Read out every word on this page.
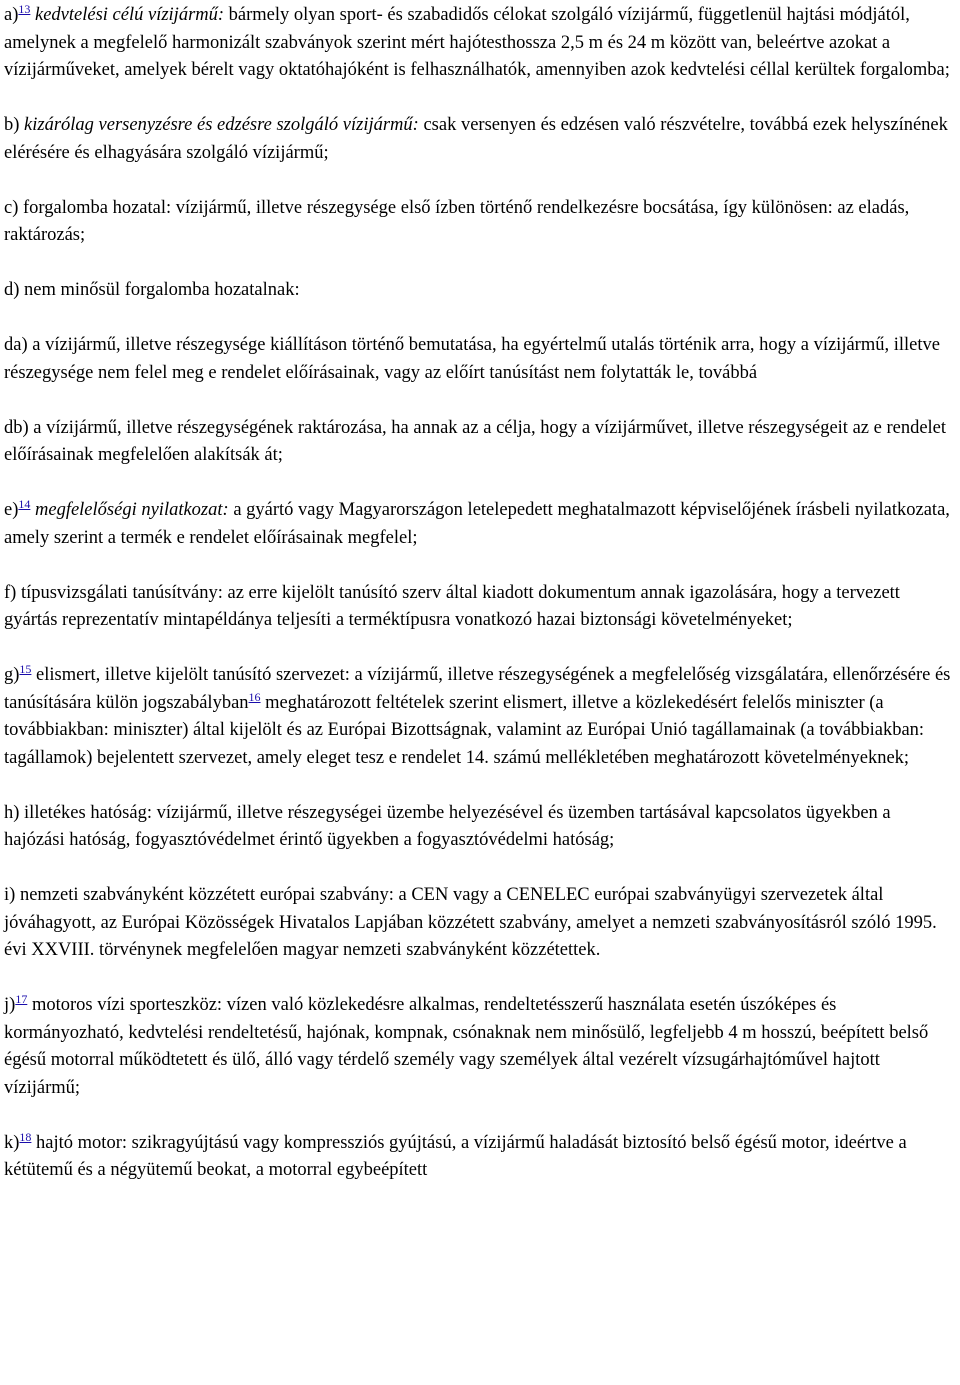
a)$^{13}$ kedvtelési célú vízijármű: bármely olyan sport- és szabadidős célokat szolgáló vízijármű, függetlenül hajtási módjától, amelynek a megfelelő harmonizált szabványok szerint mért hajótesthossza 2,5 m és 24 m között van, beleértve azokat a vízijárműveket, amelyek bérelt vagy oktatóhajóként is felhasználhatók, amennyiben azok kedvtelési céllal kerültek forgalomba;

b) kizárólag versenyzésre és edzésre szolgáló vízijármű: csak versenyen és edzésen való részvételre, továbbá ezek helyszínének elérésére és elhagyására szolgáló vízijármű;

c) forgalomba hozatal: vízijármű, illetve részegysége első ízben történő rendelkezésre bocsátása, így különösen: az eladás, raktározás;

d) nem minősül forgalomba hozatalnak:

da) a vízijármű, illetve részegysége kiállításon történő bemutatása, ha egyértelmű utalás történik arra, hogy a vízijármű, illetve részegysége nem felel meg e rendelet előírásainak, vagy az előírt tanúsítást nem folytatták le, továbbá

db) a vízijármű, illetve részegységének raktározása, ha annak az a célja, hogy a vízijárművet, illetve részegységeit az e rendelet előírásainak megfelelően alakítsák át;

e)$^{14}$ megfelelőségi nyilatkozat: a gyártó vagy Magyarországon letelepedett meghatalmazott képviselőjének írásbeli nyilatkozata, amely szerint a termék e rendelet előírásainak megfelel;

f) típusvizsgálati tanúsítvány: az erre kijelölt tanúsító szerv által kiadott dokumentum annak igazolására, hogy a tervezett gyártás reprezentatív mintapéldánya teljesíti a terméktípusra vonatkozó hazai biztonsági követelményeket;

g)$^{15}$ elismert, illetve kijelölt tanúsító szervezet: a vízijármű, illetve részegységének a megfelelőség vizsgálatára, ellenőrzésére és tanúsítására külön jogszabályban$^{16}$ meghatározott feltételek szerint elismert, illetve a közlekedésért felelős miniszter (a továbbiakban: miniszter) által kijelölt és az Európai Bizottságnak, valamint az Európai Unió tagállamainak (a továbbiakban: tagállamok) bejelentett szervezet, amely eleget tesz e rendelet 14. számú mellékletében meghatározott követelményeknek;

h) illetékes hatóság: vízijármű, illetve részegységei üzembe helyezésével és üzemben tartásával kapcsolatos ügyekben a hajózási hatóság, fogyasztóvédelmet érintő ügyekben a fogyasztóvédelmi hatóság;

i) nemzeti szabványként közzétett európai szabvány: a CEN vagy a CENELEC európai szabványügyi szervezetek által jóváhagyott, az Európai Közösségek Hivatalos Lapjában közzétett szabvány, amelyet a nemzeti szabványosításról szóló 1995. évi XXVIII. törvénynek megfelelően magyar nemzeti szabványként közzétettek.

j)$^{17}$ motoros vízi sporteszköz: vízen való közlekedésre alkalmas, rendeltetésszerű használata esetén úszóképes és kormányozható, kedvtelési rendeltetésű, hajónak, kompnak, csónaknak nem minősülő, legfeljebb 4 m hosszú, beépített belső égésű motorral működtetett és ülő, álló vagy térdelő személy vagy személyek által vezérelt vízsugárhajtóművel hajtott vízijármű;

k)$^{18}$ hajtó motor: szikragyújtású vagy kompressziós gyújtású, a vízijármű haladását biztosító belső égésű motor, ideértve a kétütemű és a négyütemű beokat, a motorral egybeépített
